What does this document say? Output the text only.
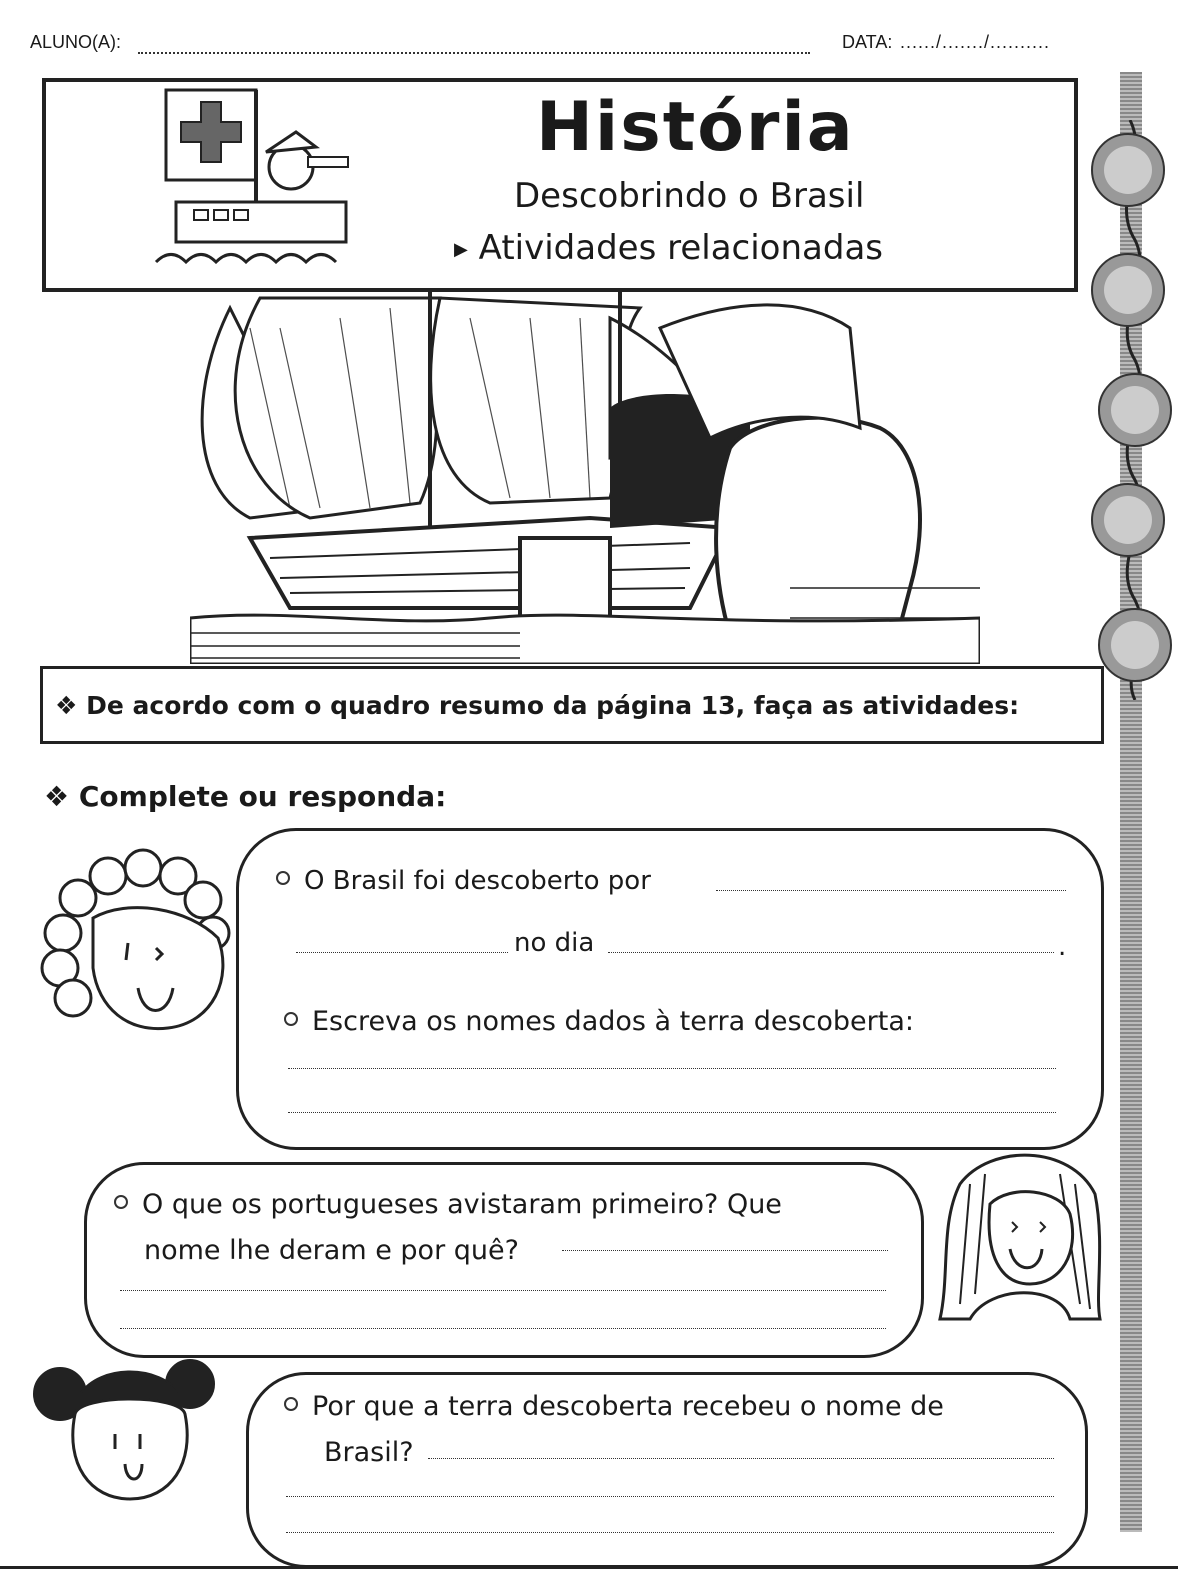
ALUNO(A):	DATA: ....../......./..........
História
Descobrindo o Brasil
▶ Atividades relacionadas
❖ De acordo com o quadro resumo da página 13, faça as atividades:
❖ Complete ou responda:
O Brasil foi descoberto por
no dia	.
Escreva os nomes dados à terra descoberta:
O que os portugueses avistaram primeiro? Que
nome lhe deram e por quê?
Por que a terra descoberta recebeu o nome de
Brasil?
